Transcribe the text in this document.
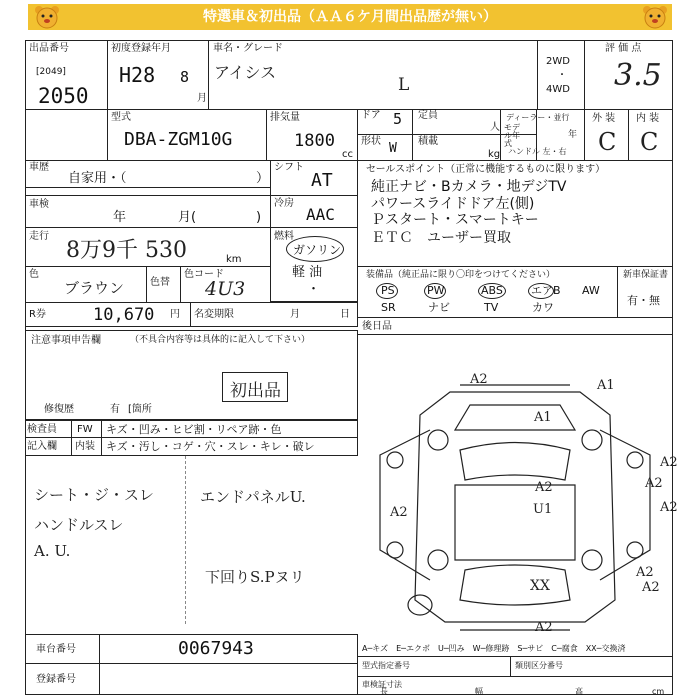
特選車＆初出品（ＡＡ６ケ月間出品歴が無い）
出品番号
[2049]
2050
初度登録年月
H28 8
月
車名・グレード
アイシス
L
2WD
・
4WD
評 価 点
3.5
外 装 内 装
C C
型式
DBA-ZGM10G
排気量
1800
cc
ドア 5 定員
人
形状 W 積載
kg
ディーラー・並行
モデル年式
年
ハンドル 左・右
車歴
自家用・（	）
車検
年	月(	)
シフト
AT
冷房
AAC
走行
8万9千 530	km
燃料
ガソリン
軽 油
・
色
ブラウン	色替
色コード
4U3
R券	10,670 円 名変期限	月	日
注意事項申告欄	（不具合内容等は具体的に記入して下さい）
初出品
修復歴	有 [箇所
セールスポイント（正常に機能するものに限ります）
純正ナビ・Bカメラ・地デジTV
パワースライドドア左(側)
Ｐスタート・スマートキー
ＥＴＣ　ユーザー買取
装備品（純正品に限り〇印をつけてください）	新車保証書
有・無
PS	PW	ABS	エアB AW
SR	ナビ	TV	カワ
後日品
検査員
記入欄
FW キズ・凹み・ヒビ割・リペア跡・色
内装 キズ・汚し・コゲ・穴・スレ・キレ・破レ
シート・ジ・スレ
ハンドルスレ
A. U.
エンドパネルU.
下回りS.Pヌリ
A2	A1
A1
A2
A2
A2	A2
A2
A2
U1
A2
XX
A2
A─キズ　E─エクボ　U─凹み　W─修理跡　S─サビ　C─腐食　XX─交換済
車台番号	0067943
登録番号
型式指定番号	類別区分番号
車検証寸法
長	幅	高	cm
